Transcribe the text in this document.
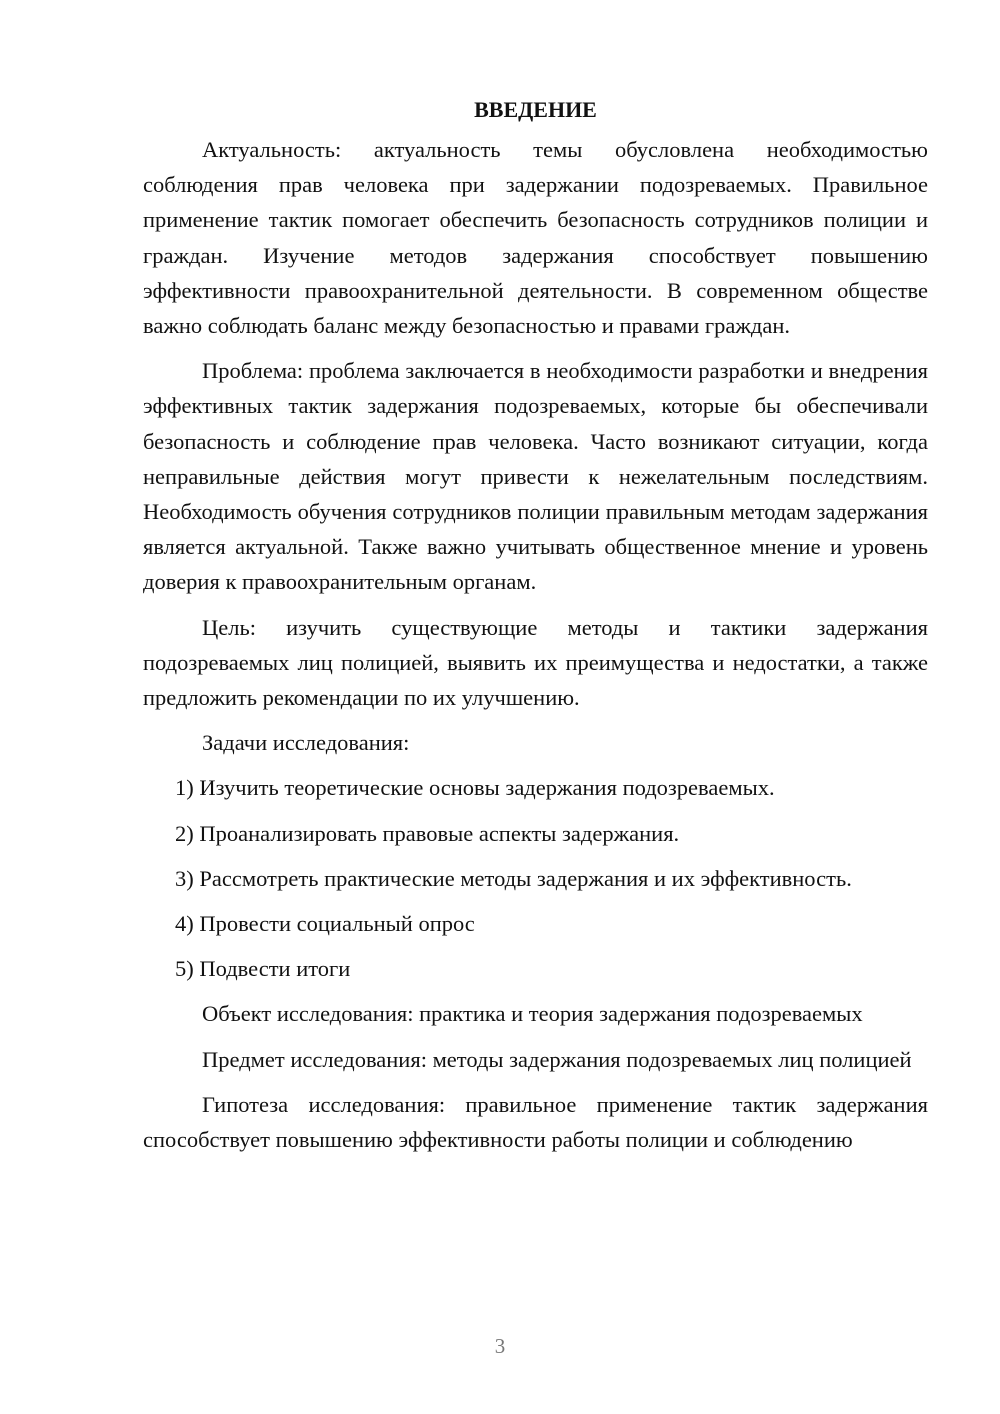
ВВЕДЕНИЕ

Актуальность: актуальность темы обусловлена необходимостью соблюдения прав человека при задержании подозреваемых. Правильное применение тактик помогает обеспечить безопасность сотрудников полиции и граждан. Изучение методов задержания способствует повышению эффективности правоохранительной деятельности. В современном обществе важно соблюдать баланс между безопасностью и правами граждан.

Проблема: проблема заключается в необходимости разработки и внедрения эффективных тактик задержания подозреваемых, которые бы обеспечивали безопасность и соблюдение прав человека. Часто возникают ситуации, когда неправильные действия могут привести к нежелательным последствиям. Необходимость обучения сотрудников полиции правильным методам задержания является актуальной. Также важно учитывать общественное мнение и уровень доверия к правоохранительным органам.

Цель: изучить существующие методы и тактики задержания подозреваемых лиц полицией, выявить их преимущества и недостатки, а также предложить рекомендации по их улучшению.

Задачи исследования:
1) Изучить теоретические основы задержания подозреваемых.
2) Проанализировать правовые аспекты задержания.
3) Рассмотреть практические методы задержания и их эффективность.
4) Провести социальный опрос
5) Подвести итоги

Объект исследования: практика и теория задержания подозреваемых

Предмет исследования: методы задержания подозреваемых лиц полицией

Гипотеза исследования: правильное применение тактик задержания способствует повышению эффективности работы полиции и соблюдению

3
